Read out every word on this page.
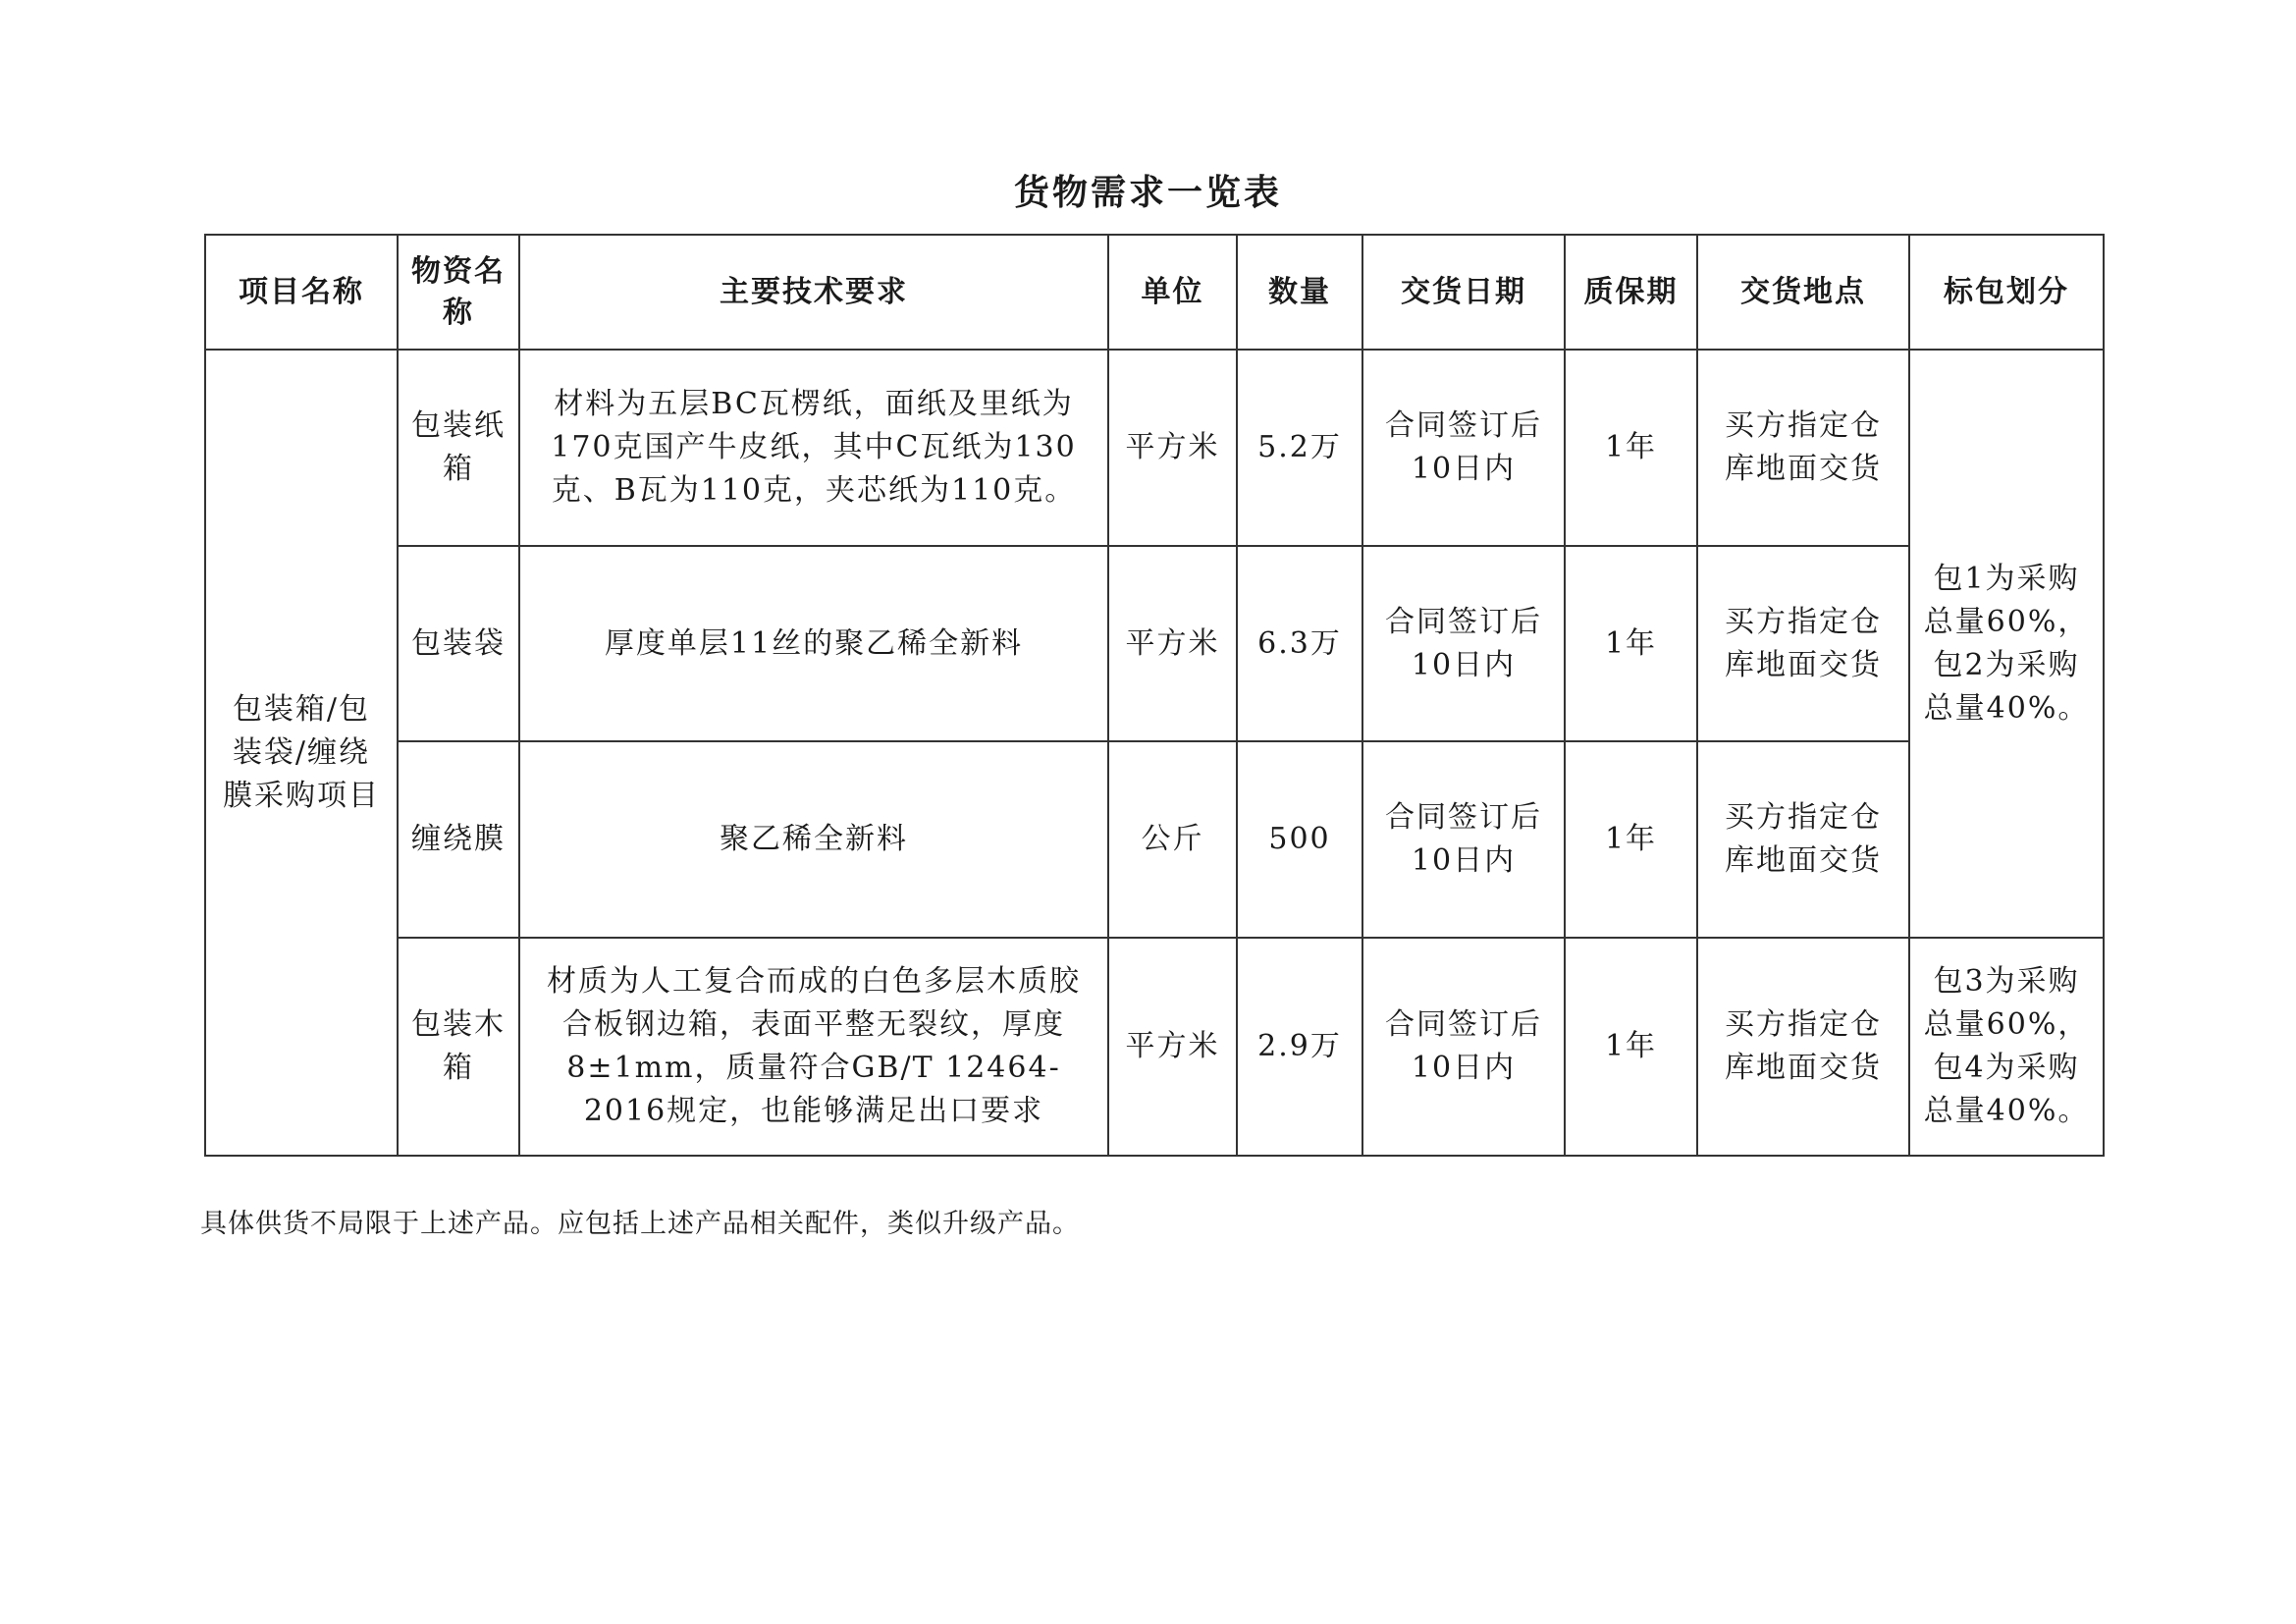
货物需求一览表
项目名称	物资名称	主要技术要求	单位	数量	交货日期	质保期	交货地点	标包划分
包装箱/包装袋/缠绕膜采购项目	包装纸箱	材料为五层BC瓦楞纸，面纸及里纸为170克国产牛皮纸，其中C瓦纸为130克、B瓦为110克，夹芯纸为110克。	平方米	5.2万	合同签订后10日内	1年	买方指定仓库地面交货	包1为采购总量60%，包2为采购总量40%。
	包装袋	厚度单层11丝的聚乙稀全新料	平方米	6.3万	合同签订后10日内	1年	买方指定仓库地面交货	
	缠绕膜	聚乙稀全新料	公斤	500	合同签订后10日内	1年	买方指定仓库地面交货	
	包装木箱	材质为人工复合而成的白色多层木质胶合板钢边箱，表面平整无裂纹，厚度8±1mm，质量符合GB/T 12464-2016规定，也能够满足出口要求	平方米	2.9万	合同签订后10日内	1年	买方指定仓库地面交货	包3为采购总量60%，包4为采购总量40%。
具体供货不局限于上述产品。应包括上述产品相关配件，类似升级产品。
